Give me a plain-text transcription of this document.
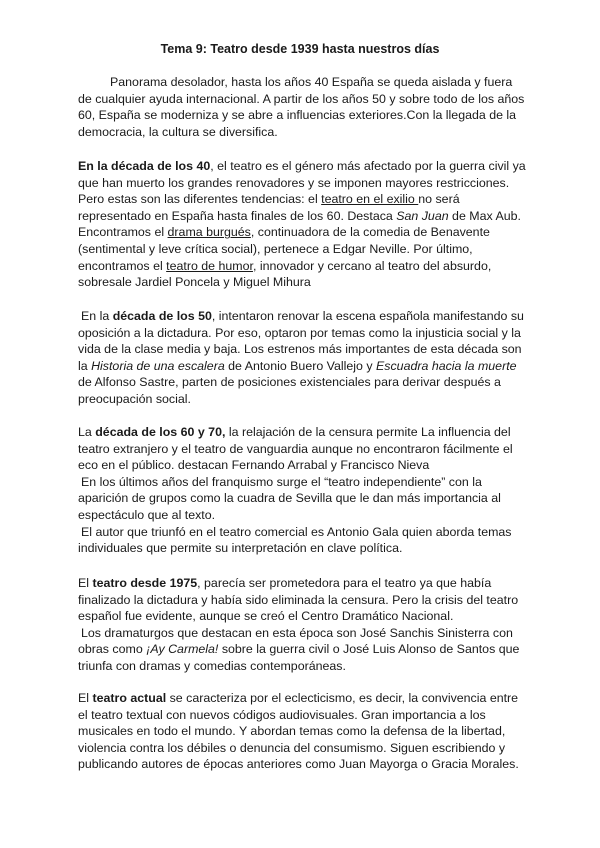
Tema 9: Teatro desde 1939 hasta nuestros días
Panorama desolador, hasta los años 40 España se queda aislada y fuera de cualquier ayuda internacional. A partir de los años 50 y sobre todo de los años 60, España se moderniza y se abre a influencias exteriores.Con la llegada de la democracia, la cultura se diversifica.
En la década de los 40, el teatro es el género más afectado por la guerra civil ya que han muerto los grandes renovadores y se imponen mayores restricciones. Pero estas son las diferentes tendencias: el teatro en el exilio no será representado en España hasta finales de los 60. Destaca San Juan de Max Aub. Encontramos el drama burgués, continuadora de la comedia de Benavente (sentimental y leve crítica social), pertenece a Edgar Neville. Por último, encontramos el teatro de humor, innovador y cercano al teatro del absurdo, sobresale Jardiel Poncela y Miguel Mihura
En la década de los 50, intentaron renovar la escena española manifestando su oposición a la dictadura. Por eso, optaron por temas como la injusticia social y la vida de la clase media y baja. Los estrenos más importantes de esta década son la Historia de una escalera de Antonio Buero Vallejo y Escuadra hacia la muerte de Alfonso Sastre, parten de posiciones existenciales para derivar después a preocupación social.

La década de los 60 y 70, la relajación de la censura permite La influencia del teatro extranjero y el teatro de vanguardia aunque no encontraron fácilmente el eco en el público. destacan Fernando Arrabal y Francisco Nieva

En los últimos años del franquismo surge el “teatro independiente” con la aparición de grupos como la cuadra de Sevilla que le dan más importancia al espectáculo que al texto.

El autor que triunfó en el teatro comercial es Antonio Gala quien aborda temas individuales que permite su interpretación en clave política.

El teatro desde 1975, parecía ser prometedora para el teatro ya que había finalizado la dictadura y había sido eliminada la censura. Pero la crisis del teatro español fue evidente, aunque se creó el Centro Dramático Nacional.

Los dramaturgos que destacan en esta época son José Sanchis Sinisterra con obras como ¡Ay Carmela! sobre la guerra civil o José Luis Alonso de Santos que triunfa con dramas y comedias contemporáneas.

El teatro actual se caracteriza por el eclecticismo, es decir, la convivencia entre el teatro textual con nuevos códigos audiovisuales. Gran importancia a los musicales en todo el mundo. Y abordan temas como la defensa de la libertad, violencia contra los débiles o denuncia del consumismo. Siguen escribiendo y publicando autores de épocas anteriores como Juan Mayorga o Gracia Morales.
